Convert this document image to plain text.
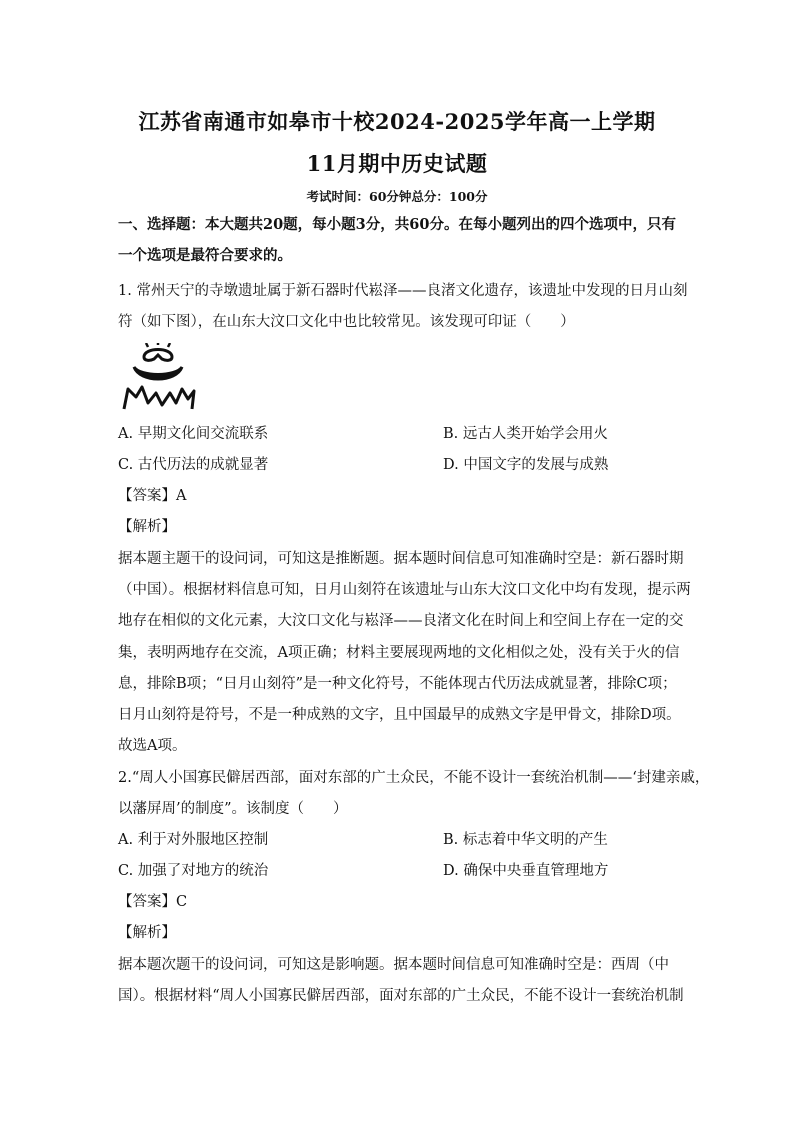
江苏省南通市如皋市十校2024-2025学年高一上学期
11月期中历史试题
考试时间：60分钟总分：100分
一、选择题：本大题共20题，每小题3分，共60分。在每小题列出的四个选项中，只有
一个选项是最符合要求的。
1. 常州天宁的寺墩遗址属于新石器时代崧泽——良渚文化遗存，该遗址中发现的日月山刻
符（如下图），在山东大汶口文化中也比较常见。该发现可印证（　　）
A. 早期文化间交流联系	B. 远古人类开始学会用火
C. 古代历法的成就显著	D. 中国文字的发展与成熟
【答案】A
【解析】
据本题主题干的设问词，可知这是推断题。据本题时间信息可知准确时空是：新石器时期
（中国）。根据材料信息可知，日月山刻符在该遗址与山东大汶口文化中均有发现，提示两
地存在相似的文化元素，大汶口文化与崧泽——良渚文化在时间上和空间上存在一定的交
集，表明两地存在交流，A项正确；材料主要展现两地的文化相似之处，没有关于火的信
息，排除B项；“日月山刻符”是一种文化符号，不能体现古代历法成就显著，排除C项；
日月山刻符是符号，不是一种成熟的文字，且中国最早的成熟文字是甲骨文，排除D项。
故选A项。
2.“周人小国寡民僻居西部，面对东部的广土众民，不能不设计一套统治机制——‘封建亲戚，
以藩屏周’的制度”。该制度（　　）
A. 利于对外服地区控制	B. 标志着中华文明的产生
C. 加强了对地方的统治	D. 确保中央垂直管理地方
【答案】C
【解析】
据本题次题干的设问词，可知这是影响题。据本题时间信息可知准确时空是：西周（中
国）。根据材料“周人小国寡民僻居西部，面对东部的广土众民，不能不设计一套统治机制
